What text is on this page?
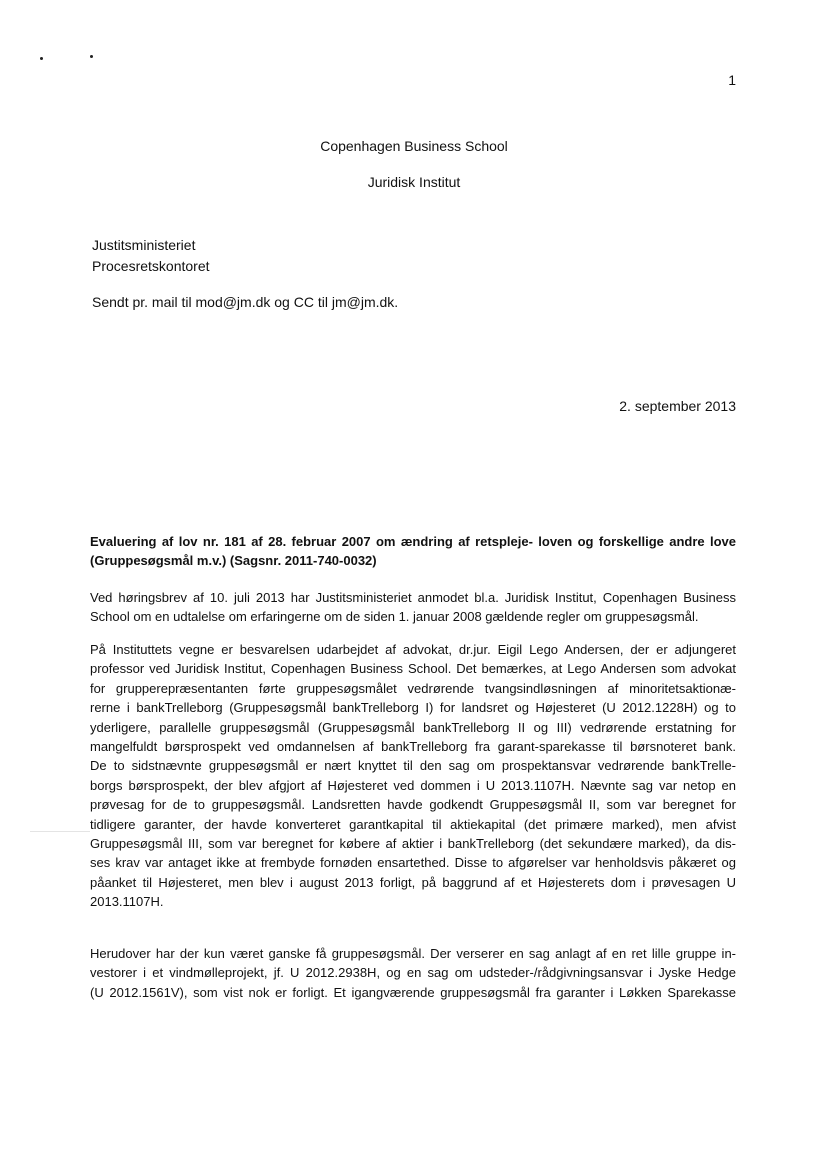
1
Copenhagen Business School
Juridisk Institut
Justitsministeriet
Procesretskontoret
Sendt pr. mail til mod@jm.dk og CC til jm@jm.dk.
2. september 2013
Evaluering af lov nr. 181 af 28. februar 2007 om ændring af retspleje- loven og forskellige andre love
(Gruppesøgsmål m.v.) (Sagsnr. 2011-740-0032)
Ved høringsbrev af 10. juli 2013 har Justitsministeriet anmodet bl.a. Juridisk Institut, Copenhagen Business
School om en udtalelse om erfaringerne om de siden 1. januar 2008 gældende regler om gruppesøgsmål.
På Instituttets vegne er besvarelsen udarbejdet af advokat, dr.jur. Eigil Lego Andersen, der er adjungeret
professor ved Juridisk Institut, Copenhagen Business School. Det bemærkes, at Lego Andersen som advokat
for grupperepræsentanten førte gruppesøgsmålet vedrørende tvangsindløsningen af minoritetsaktionæ-
rerne i bankTrelleborg (Gruppesøgsmål bankTrelleborg I) for landsret og Højesteret (U 2012.1228H) og to
yderligere, parallelle gruppesøgsmål (Gruppesøgsmål bankTrelleborg II og III) vedrørende erstatning for
mangelfuldt børsprospekt ved omdannelsen af bankTrelleborg fra garant-sparekasse til børsnoteret bank.
De to sidstnævnte gruppesøgsmål er nært knyttet til den sag om prospektansvar vedrørende bankTrelle-
borgs børsprospekt, der blev afgjort af Højesteret ved dommen i U 2013.1107H. Nævnte sag var netop en
prøvesag for de to gruppesøgsmål. Landsretten havde godkendt Gruppesøgsmål II, som var beregnet for
tidligere garanter, der havde konverteret garantkapital til aktiekapital (det primære marked), men afvist
Gruppesøgsmål III, som var beregnet for købere af aktier i bankTrelleborg (det sekundære marked), da dis-
ses krav var antaget ikke at frembyde fornøden ensartethed. Disse to afgørelser var henholdsvis påkæret og
påanket til Højesteret, men blev i august 2013 forligt, på baggrund af et Højesterets dom i prøvesagen U
2013.1107H.
Herudover har der kun været ganske få gruppesøgsmål. Der verserer en sag anlagt af en ret lille gruppe in-
vestorer i et vindmølleprojekt, jf. U 2012.2938H, og en sag om udsteder-/rådgivningsansvar i Jyske Hedge
(U 2012.1561V), som vist nok er forligt. Et igangværende gruppesøgsmål fra garanter i Løkken Sparekasse
